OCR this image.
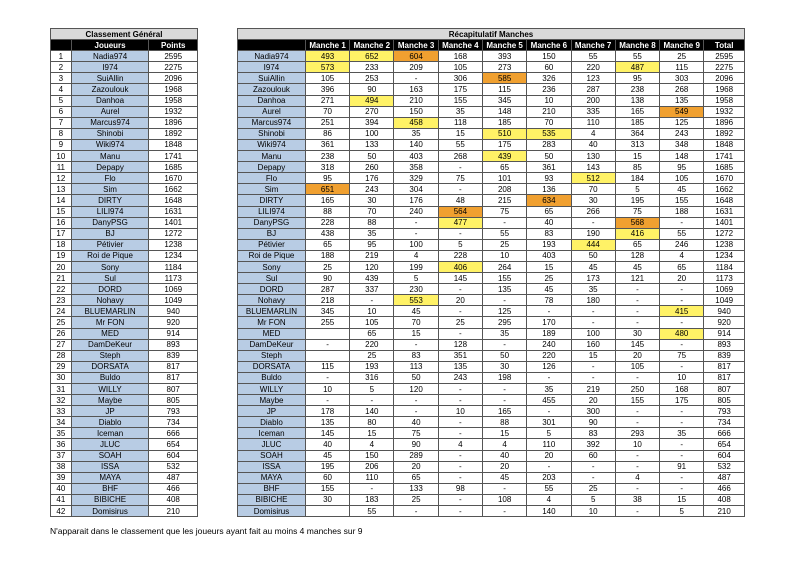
Classement Général		
	Joueurs	Points
1	Nadia974	2595
2	I974	2275
3	SuiAllin	2096
4	Zazoulouk	1968
5	Danhoa	1958
6	Aurel	1932
7	Marcus974	1896
8	Shinobi	1892
9	Wiki974	1848
10	Manu	1741
11	Depapy	1685
12	Flo	1670
13	Sim	1662
14	DIRTY	1648
15	LILI974	1631
16	DanyPSG	1401
17	BJ	1272
18	Pétivier	1238
19	Roi de Pique	1234
20	Sony	1184
21	Sul	1173
22	DORD	1069
23	Nohavy	1049
24	BLUEMARLIN	940
25	Mr FON	920
26	MED	914
27	DamDeKeur	893
28	Steph	839
29	DORSATA	817
30	Buldo	817
31	WILLY	807
32	Maybe	805
33	JP	793
34	Diablo	734
35	Iceman	666
36	JLUC	654
37	SOAH	604
38	ISSA	532
39	MAYA	487
40	BHF	466
41	BIBICHE	408
42	Domisirus	210
Récapitulatif Manches										
	Manche 1	Manche 2	Manche 3	Manche 4	Manche 5	Manche 6	Manche 7	Manche 8	Manche 9	Total
Nadia974	493	652	604	168	393	150	55	55	25	2595
I974	573	233	209	105	273	60	220	487	115	2275
SuiAllin	105	253	-	306	585	326	123	95	303	2096
Zazoulouk	396	90	163	175	115	236	287	238	268	1968
Danhoa	271	494	210	155	345	10	200	138	135	1958
Aurel	70	270	150	35	148	210	335	165	549	1932
Marcus974	251	394	458	118	185	70	110	185	125	1896
Shinobi	86	100	35	15	510	535	4	364	243	1892
Wiki974	361	133	140	55	175	283	40	313	348	1848
Manu	238	50	403	268	439	50	130	15	148	1741
Depapy	318	260	358	-	65	361	143	85	95	1685
Flo	95	176	329	75	101	93	512	184	105	1670
Sim	651	243	304	-	208	136	70	5	45	1662
DIRTY	165	30	176	48	215	634	30	195	155	1648
LILI974	88	70	240	564	75	65	266	75	188	1631
DanyPSG	228	88	-	477	-	40	-	568	-	1401
BJ	438	35	-	-	55	83	190	416	55	1272
Pétivier	65	95	100	5	25	193	444	65	246	1238
Roi de Pique	188	219	4	228	10	403	50	128	4	1234
Sony	25	120	199	406	264	15	45	45	65	1184
Sul	90	439	5	145	155	25	173	121	20	1173
DORD	287	337	230	-	135	45	35	-	-	1069
Nohavy	218	-	553	20	-	78	180	-	-	1049
BLUEMARLIN	345	10	45	-	125	-	-	-	415	940
Mr FON	255	105	70	25	295	170	-	-	-	920
MED		65	15	-	35	189	100	30	480	914
DamDeKeur	-	220	-	128	-	240	160	145	-	893
Steph		25	83	351	50	220	15	20	75	839
DORSATA	115	193	113	135	30	126	-	105	-	817
Buldo	-	316	50	243	198	-	-	-	10	817
WILLY	10	5	120	-	-	35	219	250	168	807
Maybe	-	-	-	-	-	455	20	155	175	805
JP	178	140	-	10	165	-	300	-	-	793
Diablo	135	80	40	-	88	301	90	-	-	734
Iceman	145	15	75	-	15	5	83	293	35	666
JLUC	40	4	90	4	4	110	392	10	-	654
SOAH	45	150	289	-	40	20	60	-	-	604
ISSA	195	206	20	-	20	-	-	-	91	532
MAYA	60	110	65	-	45	203	-	4	-	487
BHF	155	-	133	98	-	55	25	-	-	466
BIBICHE	30	183	25	-	108	4	5	38	15	408
Domisirus		55	-	-	-	140	10	-	5	210
N'apparait dans le classement que les joueurs ayant fait au moins 4 manches sur 9
